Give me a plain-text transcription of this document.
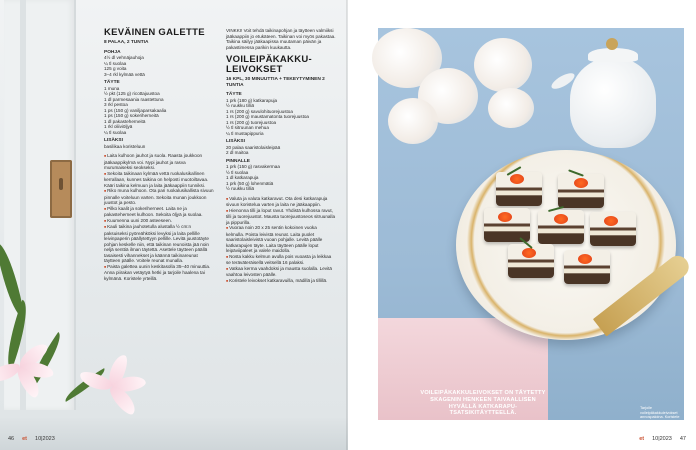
KEVÄINEN GALETTE
8 PALAA, 2 TUNTIA
POHJA
4½ dl vehnäjauhoja
¼ tl suolaa
125 g voita
3–4 rkl kylmää vettä
TÄYTE
1 muna
½ pkt (125 g) ricottajuustoa
1 dl parmesaania raastettuna
3 rkl pestoa
1 ps (150 g) vaniljaparsakaalia
1 ps (150 g) sokeriherneitä
1 dl pakasteherneitä
1 rkl oliiviöljyä
¼ tl suolaa
LISÄKSI
basilikaa koristeluun

■ Laita kulhoon jauhot ja suola. Raasta joukkoon jääkaappikylmä voi. Nypi jauhot ja rasva murumaiseksi seokseksi.

■ Sekoita taikinaan kylmää vettä ruokalusikallinen kerrallaan, kunnes taikina on helposti muotoiltavaa. Kääri taikina kelmuun ja laita jääkaappiin tunniksi.

■ Riko muna kulhoon. Ota pari ruokalusikallista sivuun pinnalle voiteluun varten. Sekoita munan joukkoon juustot ja pesto.

■ Pilko kaalit ja sokeriherneet. Laita ne ja pakasteherneet kulhoon. Sekoita öljyä ja suolaa.

■ Kuumenna uuni 200 asteeseen.

■ Kauli taikina jauhotetulla alustalla ½ cm:n paksuiseksi pyöreähköksi levyksi ja laita pellille leivinpaperin päällytettyyn pellille. Levitä juustotäyte pohjan keskelle niin, että taikinan reunoista jää noin neljä senttiä ilman täytettä. Asettele täytteen päällä tasaisesti vihannekset ja käännä taikinareunat täytteen päälle. Voitele reunat munalla.

■ Paista galettea uunin keskitasolla 35–40 minuuttia. Anna piirakan vetäytyä hetki ja tarjoile haalena tai kylmänä. Koristele yrteillä.

VINKKI! Voit tehdä taikinapohjan ja täytteen valmiiksi jääkaappiin jo etukäteen. Taikinan voi myös pakastaa. Taikina säilyy jääkaapissa muutaman päivän ja pakastimessa parikin kuukautta.
VOILEIPÄKAKKU-LEIVOKSET
16 KPL, 30 MINUUTTIA + TEKEYTYMINEN 2 TUNTIA
TÄYTE
1 prk (180 g) katkarapuja
½ ruukku tilliä
1 rs (200 g) savulohituorejuustoa
1 rs (200 g) maustamatonta tuorejuustoa
1 rs (200 g) tuorejuustoa
½ tl sitruunan mehua
¼ tl mustapippuria
LISÄKSI
20 palaa saaristolaisleipää
2 dl maitoa
PINNALLE
1 prk (150 g) rasvakermaa
½ tl suolaa
1 dl katkarapuja
1 prk (50 g) lohenmätiä
½ ruukku tilliä

■ Valuta ja valuta katkaravut. Ota desi katkarapuja sivuun koristelua varten ja laita ne jääkaappiin.

■ Hienonna tilli ja loput ravut. Yhdistä kulhossa ravut, tilli ja tuorejuustot. Mausta tuorejuustoseos sitruunalla ja pippurilla.

■ Vuoraa noin 20 x 25 sentin kokoinen vuoka kelmulla. Poista leivistä reunat. Laita puolet saaristolaisleivistä vuoan pohjalle. Levitä päälle katkarapujen täyte. Laita täytteen päälle loput leipäviipaleet ja valele maidolla.

■ Nosta kakku kelmun avulla pois vuoasta ja leikkaa se teräväteräisellä veitsellä 16 palaksi.

■ Vatkaa kerma vaahdoksi ja mausta suolalla. Levitä vaahtoa leivosten päälle.

■ Koristele leivokset katkaravuilla, mädillä ja tillillä.

46 et 10|2023
VOILEIPÄKAKKULEIVOKSET ON TÄYTETTY SKAGENIN HENKEEN TAIVAALLISEN HYVÄLLÄ KATKARAPU-TSATSIKITÄYTTEELLÄ.
Tarjoile voileipäkakkuleivokset annospaloina. Koristele kukin leivos tillillä ja katkaravuilla juuri ennen tarjoilua.
et 10|2023 47
